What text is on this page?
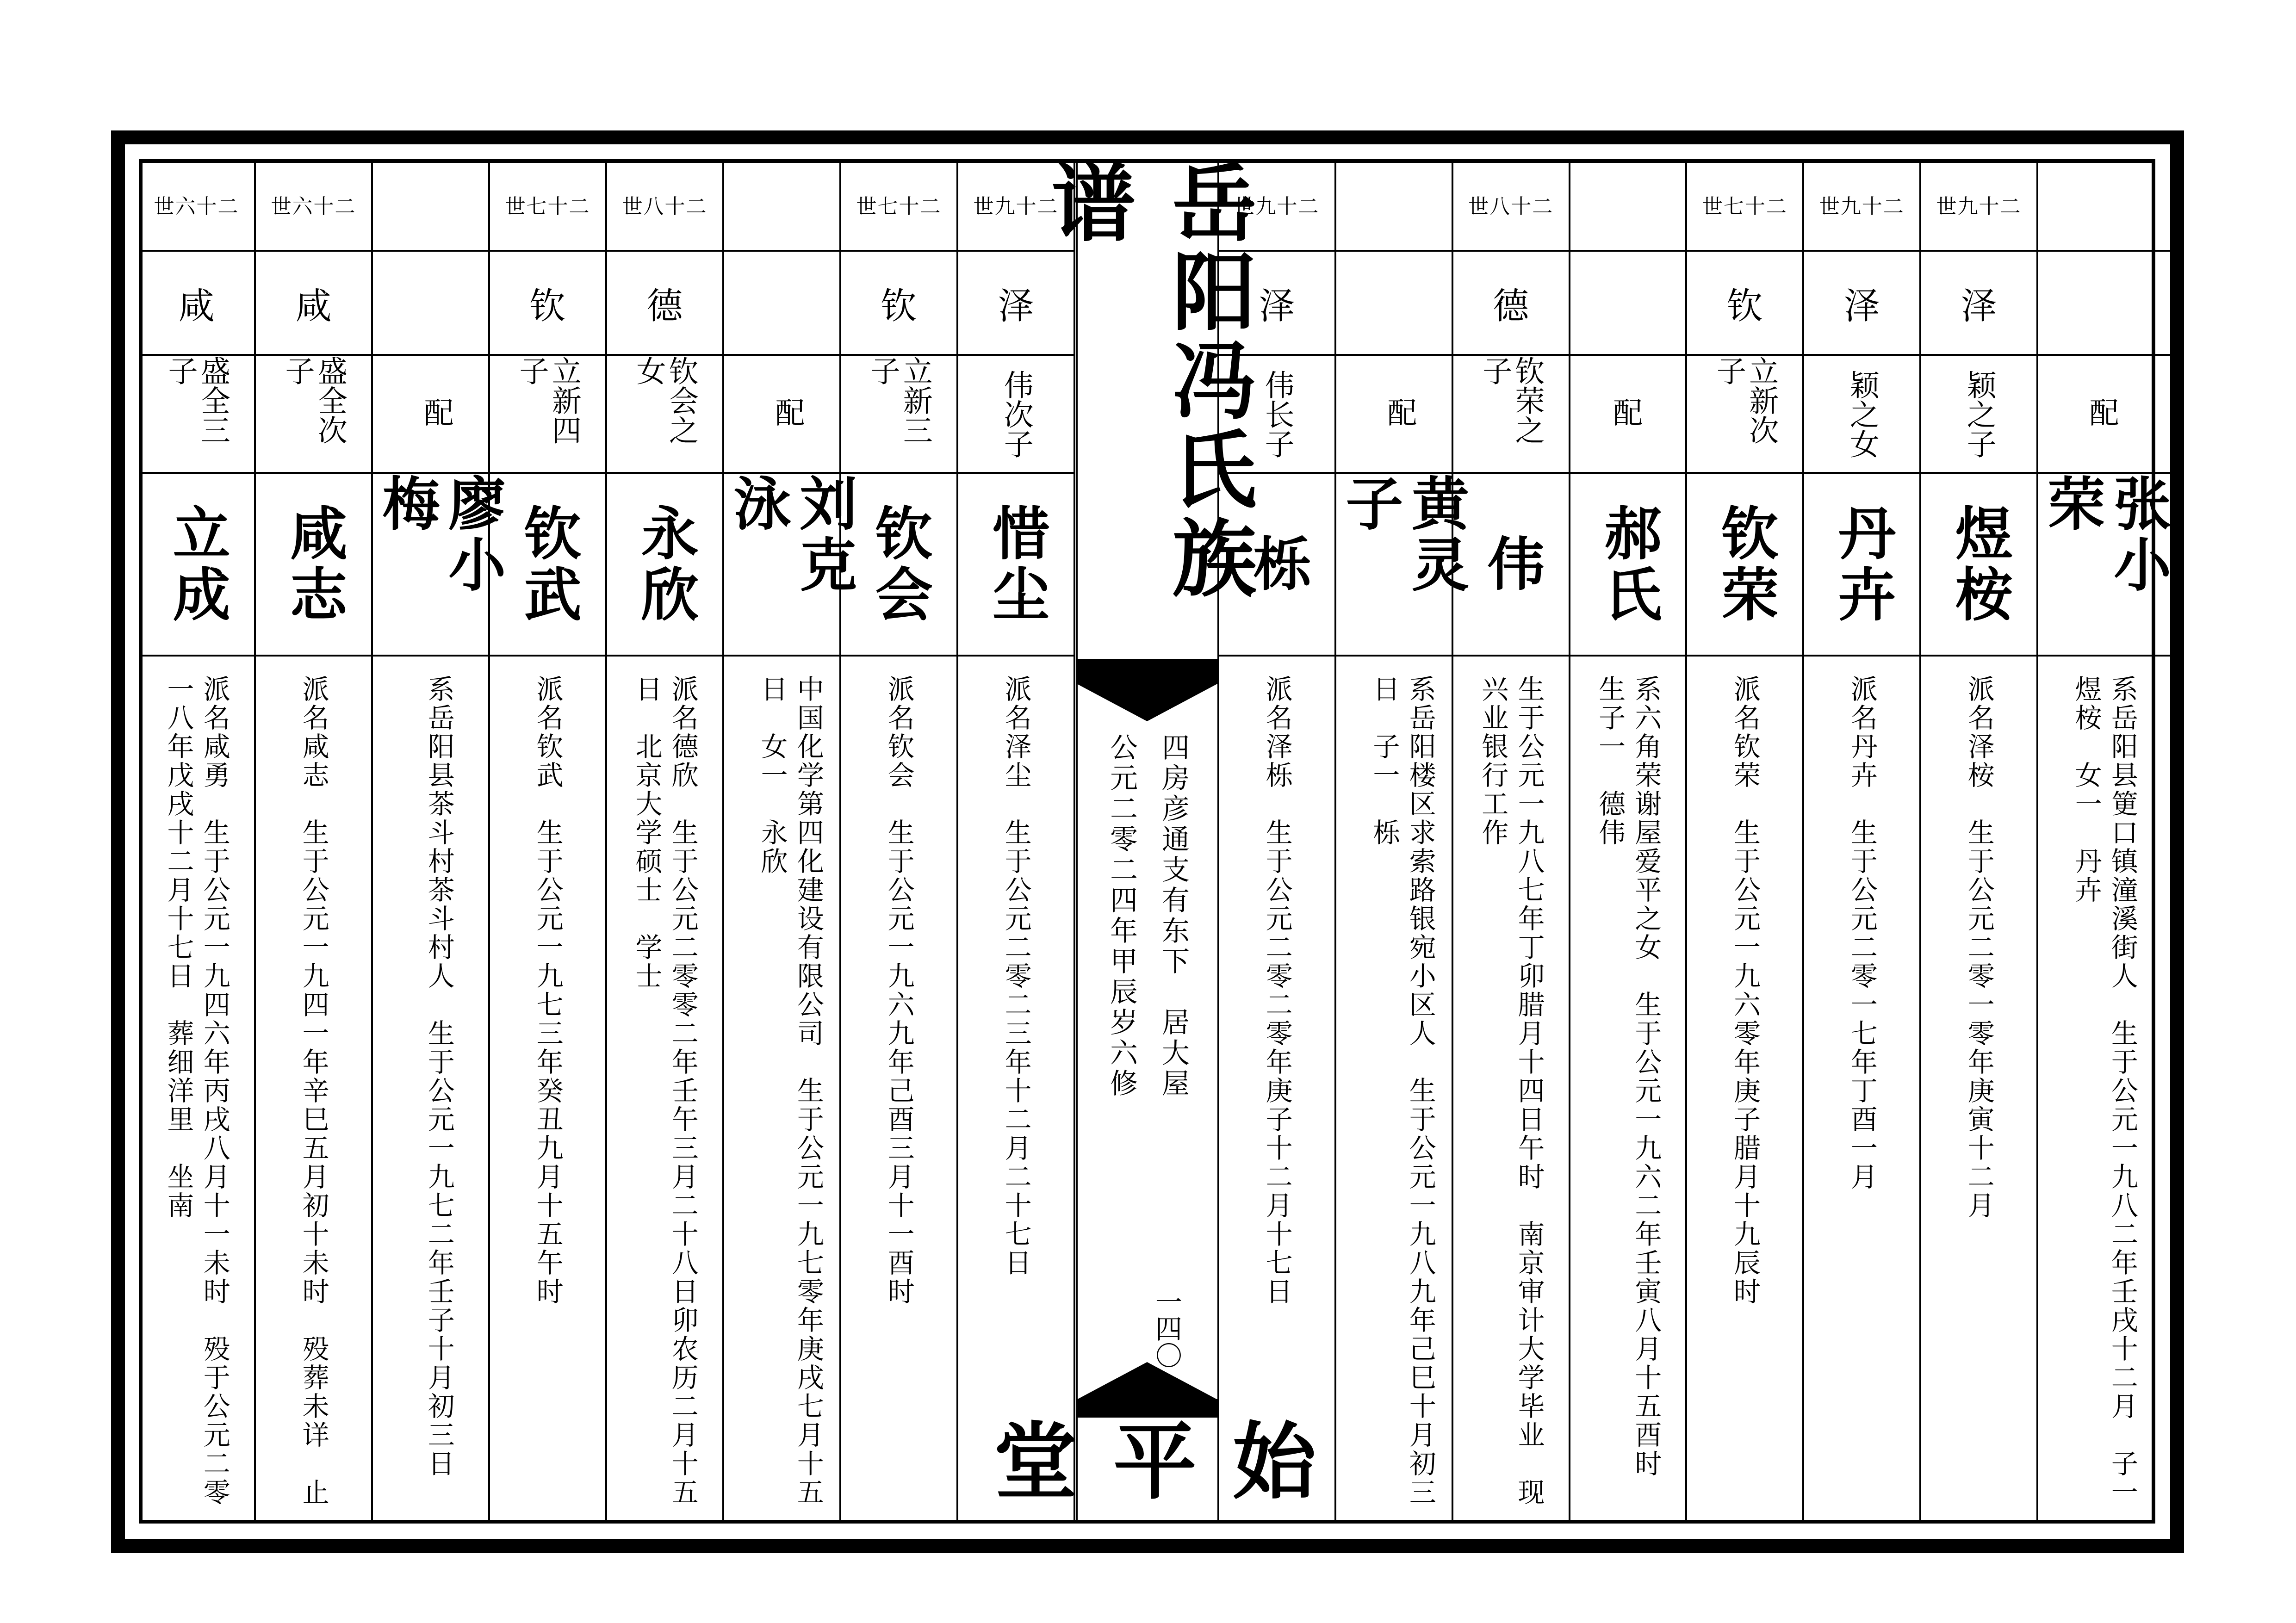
世六十二
咸
盛全三子
立成
派名咸勇　生于公元一九四六年丙戌八月十一未时　殁于公元二零一八年戊戌十二月十七日　葬细洋里　坐南
世六十二
咸
盛全次子
咸志
派名咸志　生于公元一九四一年辛巳五月初十未时　殁葬未详　止
配
廖小梅
系岳阳县茶斗村茶斗村人　生于公元一九七二年壬子十月初三日
世七十二
钦
立新四子
钦武
派名钦武　生于公元一九七三年癸丑九月十五午时
世八十二
德
钦会之女
永欣
派名德欣　生于公元二零零二年壬午三月二十八日卯农历二月十五日　北京大学硕士　学士
配
刘克泳
中国化学第四化建设有限公司　生于公元一九七零年庚戌七月十五日　女一　永欣
世七十二
钦
立新三子
钦会
派名钦会　生于公元一九六九年己酉三月十一酉时
世九十二
泽
伟次子
惜尘
派名泽尘　生于公元二零二三年十二月二十七日
岳阳冯氏族谱
四房彦通支有东下　居大屋
公元二零二四年甲辰岁六修
一四〇
始平堂
世九十二
泽
伟长子
栎
派名泽栎　生于公元二零二零年庚子十二月十七日
配
黄灵子
系岳阳楼区求索路银宛小区人　生于公元一九八九年己巳十月初三日　子一　栎
世八十二
德
钦荣之子
伟
生于公元一九八七年丁卯腊月十四日午时　南京审计大学毕业　现兴业银行工作
配
郝氏
系六角荣谢屋爱平之女　生于公元一九六二年壬寅八月十五酉时　生子一　德伟
世七十二
钦
立新次子
钦荣
派名钦荣　生于公元一九六零年庚子腊月十九辰时
世九十二
泽
颖之女
丹卉
派名丹卉　生于公元二零一七年丁酉一月
世九十二
泽
颖之子
煜桉
派名泽桉　生于公元二零一零年庚寅十二月
配
张小荣
系岳阳县筻口镇潼溪街人　生于公元一九八二年壬戌十二月　子一　煜桉　女一　丹卉
